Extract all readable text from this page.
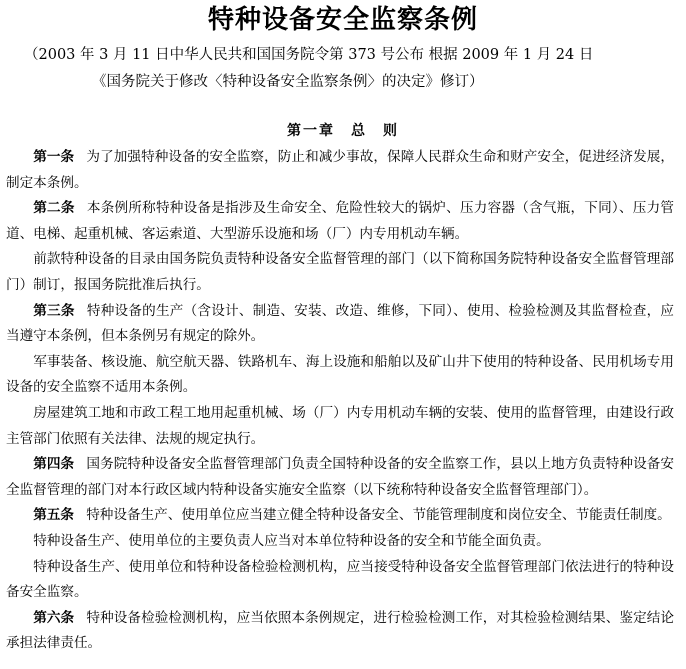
特种设备安全监察条例
（2003 年 3 月 11 日中华人民共和国国务院令第 373 号公布 根据 2009 年 1 月 24 日
《国务院关于修改〈特种设备安全监察条例〉的决定》修订）
第一章　总　则

第一条 为了加强特种设备的安全监察，防止和减少事故，保障人民群众生命和财产安全，促进经济发展，制定本条例。

第二条 本条例所称特种设备是指涉及生命安全、危险性较大的锅炉、压力容器（含气瓶，下同）、压力管道、电梯、起重机械、客运索道、大型游乐设施和场（厂）内专用机动车辆。

前款特种设备的目录由国务院负责特种设备安全监督管理的部门（以下简称国务院特种设备安全监督管理部门）制订，报国务院批准后执行。

第三条 特种设备的生产（含设计、制造、安装、改造、维修，下同）、使用、检验检测及其监督检查，应当遵守本条例，但本条例另有规定的除外。

军事装备、核设施、航空航天器、铁路机车、海上设施和船舶以及矿山井下使用的特种设备、民用机场专用设备的安全监察不适用本条例。

房屋建筑工地和市政工程工地用起重机械、场（厂）内专用机动车辆的安装、使用的监督管理，由建设行政主管部门依照有关法律、法规的规定执行。

第四条 国务院特种设备安全监督管理部门负责全国特种设备的安全监察工作，县以上地方负责特种设备安全监督管理的部门对本行政区域内特种设备实施安全监察（以下统称特种设备安全监督管理部门）。

第五条 特种设备生产、使用单位应当建立健全特种设备安全、节能管理制度和岗位安全、节能责任制度。

特种设备生产、使用单位的主要负责人应当对本单位特种设备的安全和节能全面负责。

特种设备生产、使用单位和特种设备检验检测机构，应当接受特种设备安全监督管理部门依法进行的特种设备安全监察。

第六条 特种设备检验检测机构，应当依照本条例规定，进行检验检测工作，对其检验检测结果、鉴定结论承担法律责任。
